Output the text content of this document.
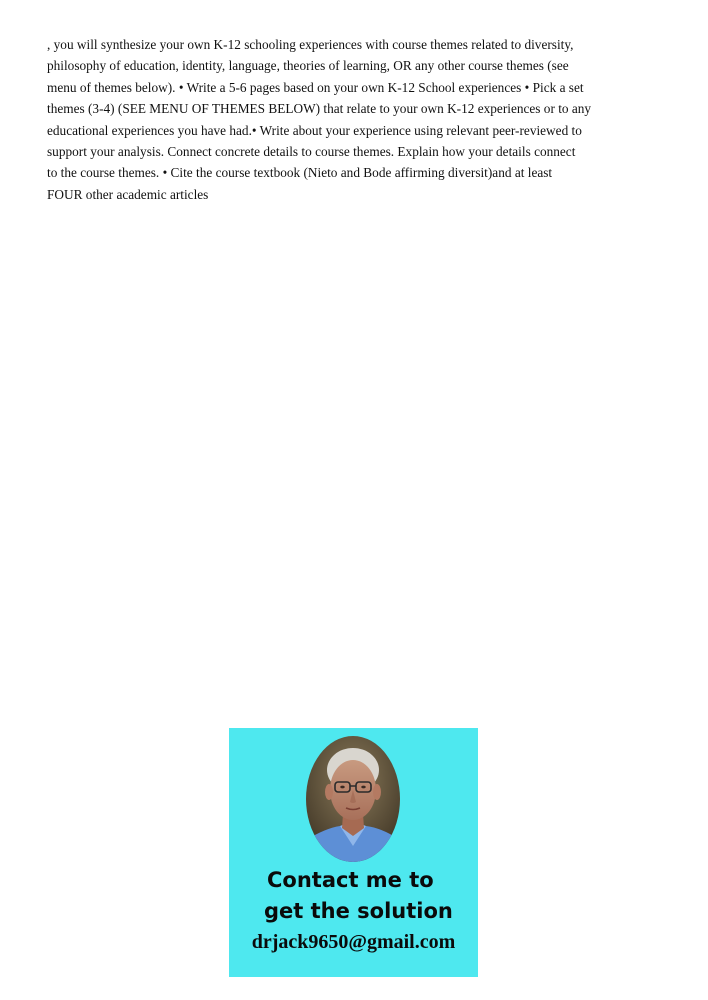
, you will synthesize your own K-12 schooling experiences with course themes related to diversity,
philosophy of education, identity, language, theories of learning, OR any other course themes (see
menu of themes below). • Write a 5-6 pages based on your own K-12 School experiences • Pick a set
themes (3-4) (SEE MENU OF THEMES BELOW) that relate to your own K-12 experiences or to any
educational experiences you have had.• Write about your experience using relevant peer-reviewed to
support your analysis. Connect concrete details to course themes. Explain how your details connect
to the course themes. • Cite the course textbook (Nieto and Bode affirming diversit)and at least
FOUR other academic articles

Contact me to
get the solution
drjack9650@gmail.com
